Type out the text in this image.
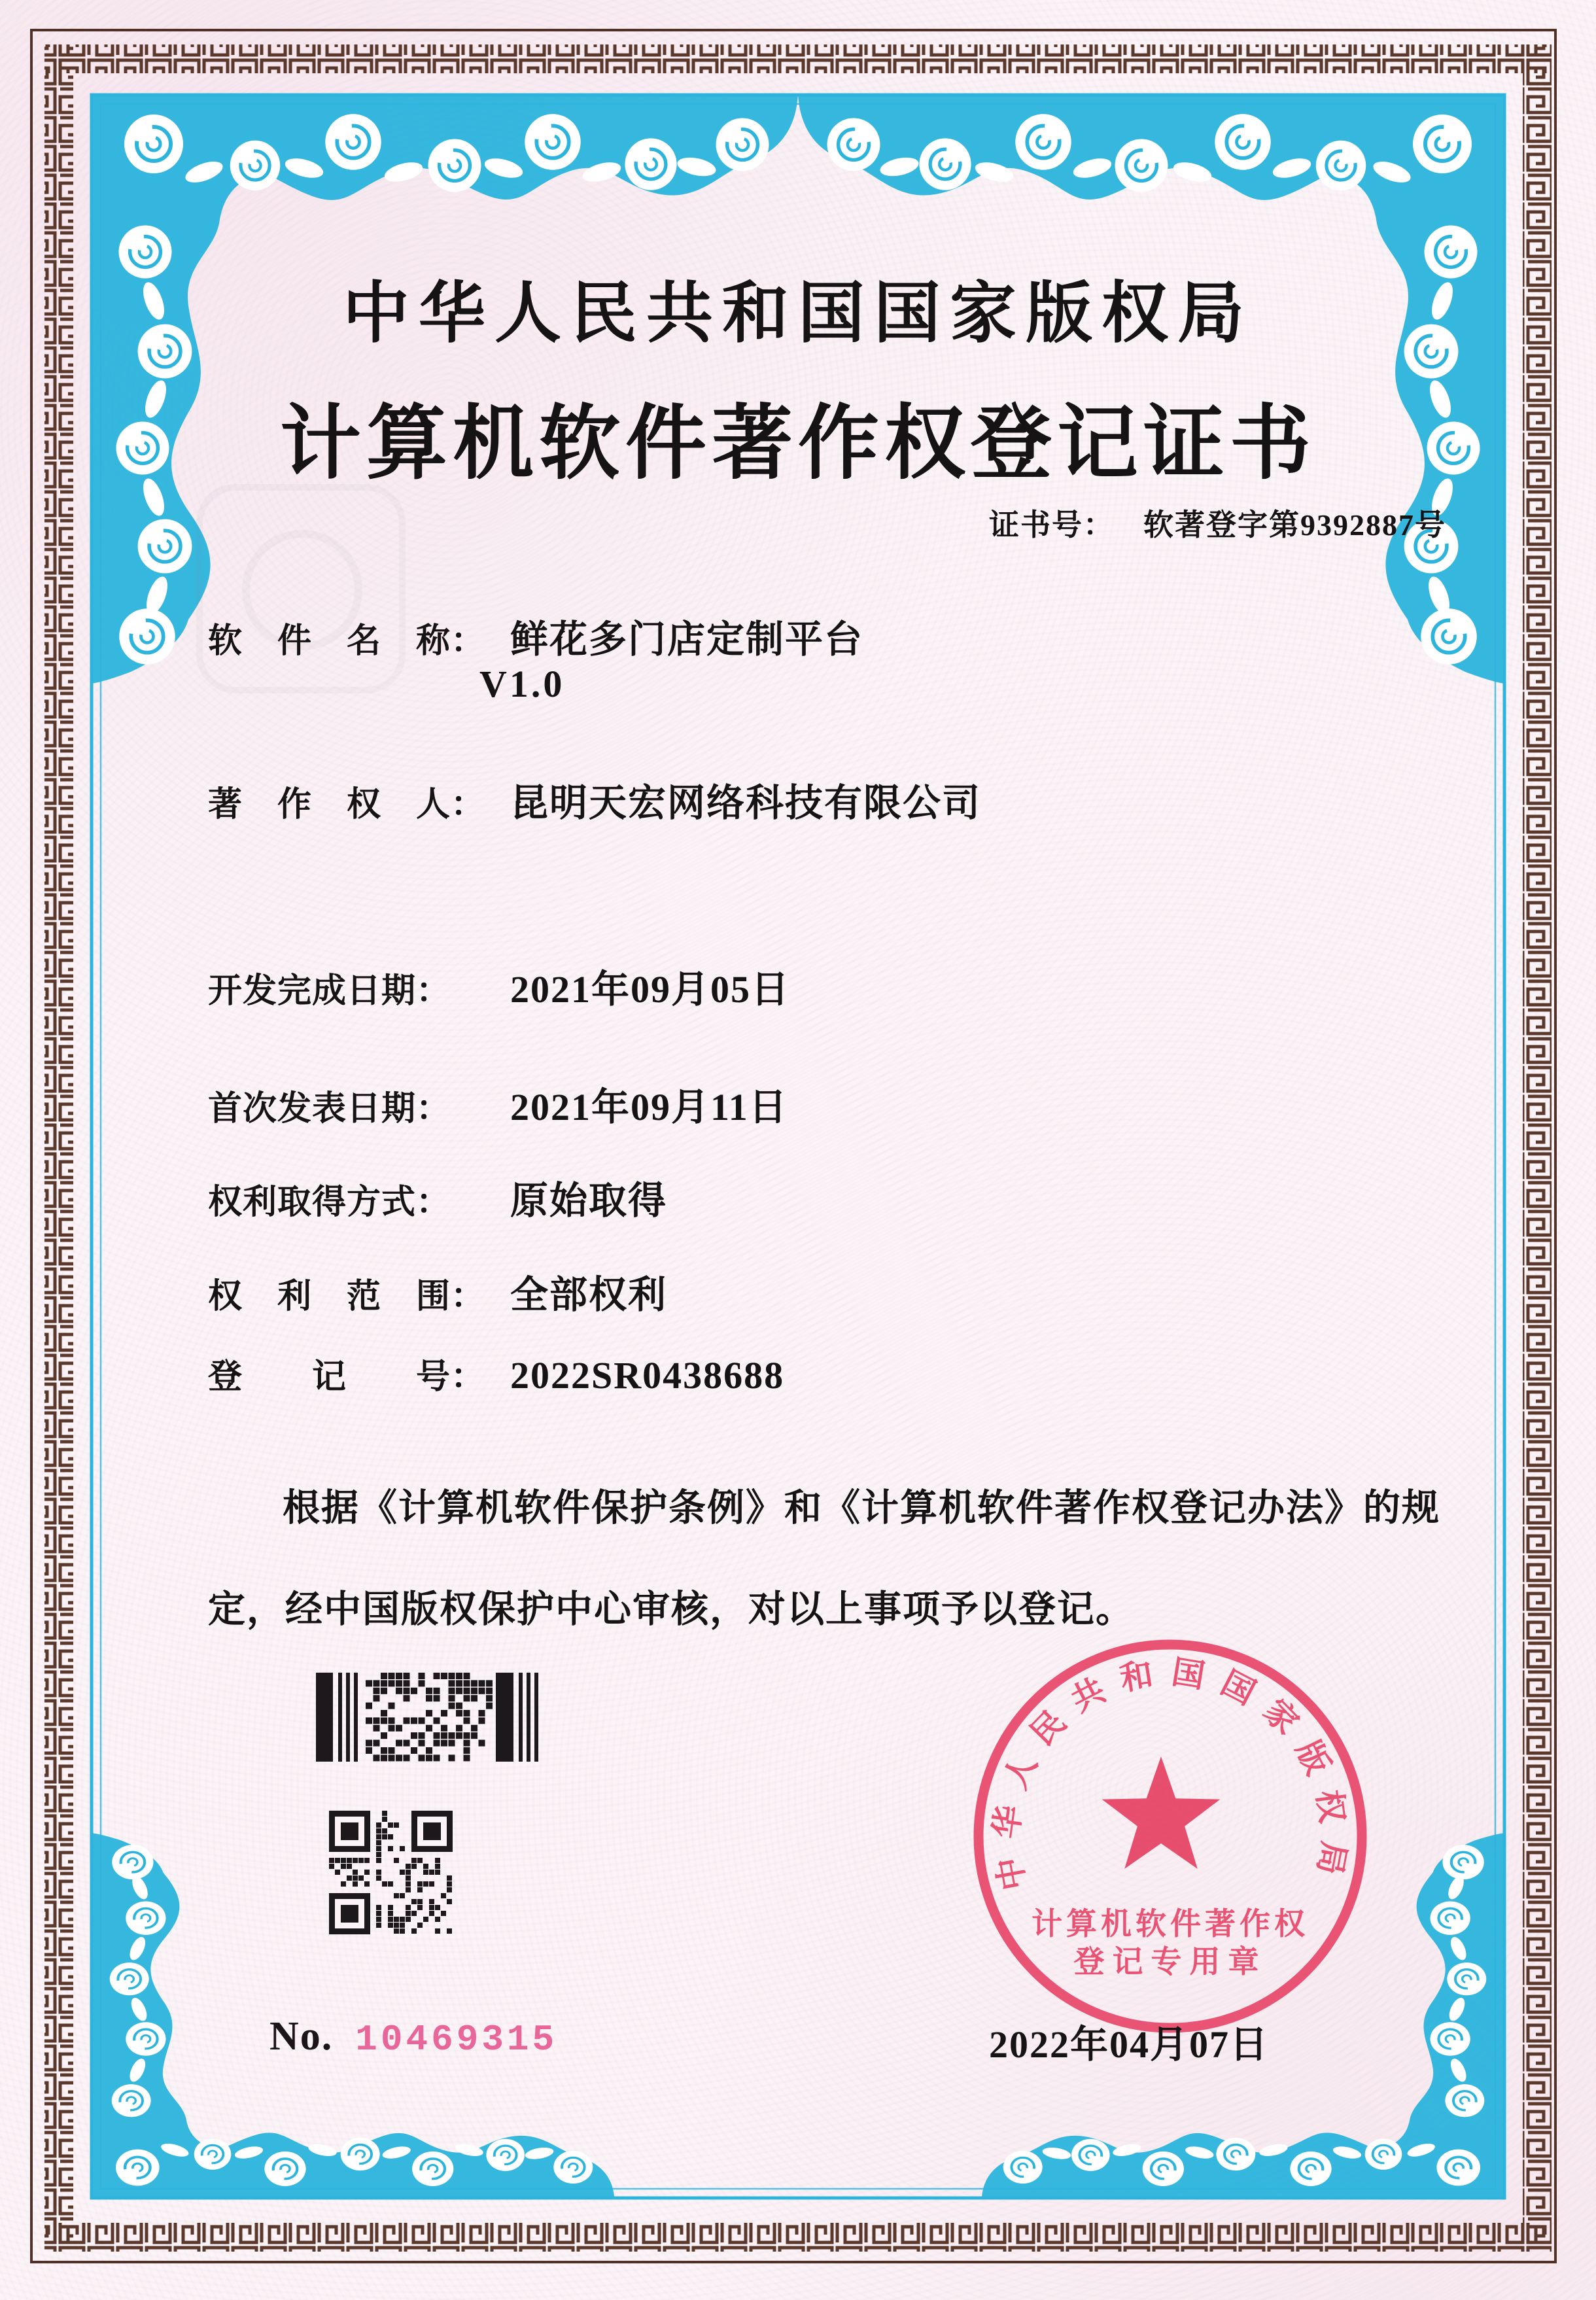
中华人民共和国国家版权局
计算机软件著作权
登记专用章
中华人民共和国国家版权局
计算机软件著作权登记证书
证书号： 软著登字第9392887号
软　件　名　称： 鲜花多门店定制平台
V1.0
著　作　权　人： 昆明天宏网络科技有限公司
开发完成日期： 2021年09月05日
首次发表日期： 2021年09月11日
权利取得方式： 原始取得
权　利　范　围： 全部权利
登　　记　　号： 2022SR0438688
根据《计算机软件保护条例》和《计算机软件著作权登记办法》的规定，经中国版权保护中心审核，对以上事项予以登记。
No. 10469315	2022年04月07日
